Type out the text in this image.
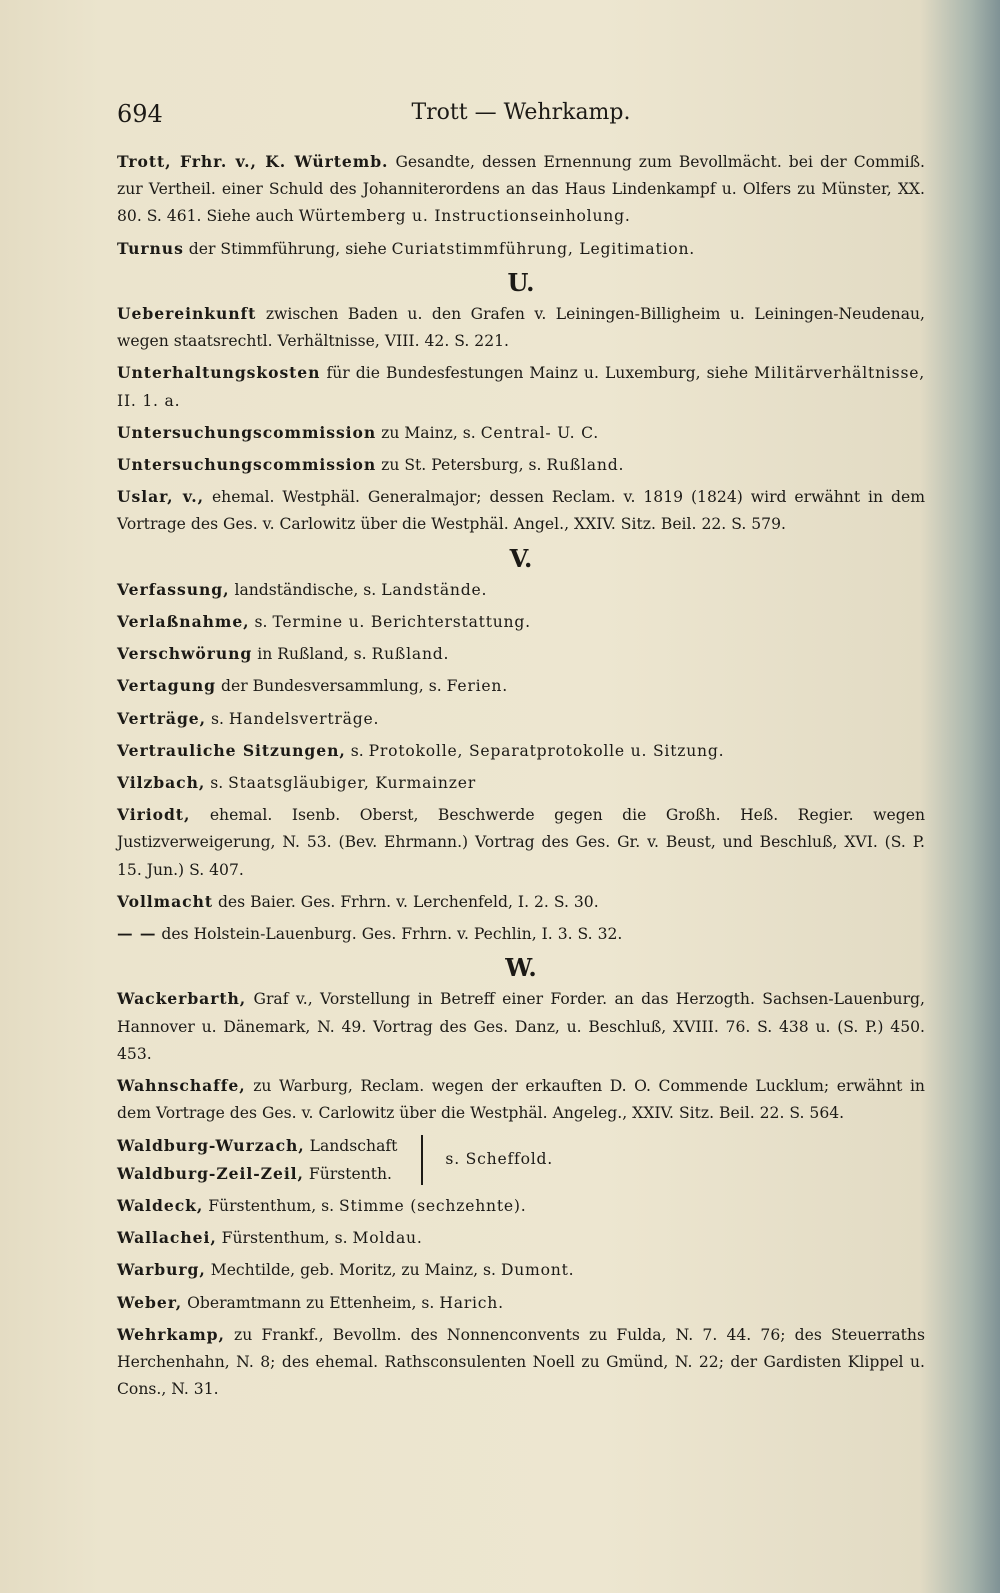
694	Trott — Wehrkamp.

Trott, Frhr. v., K. Würtemb. Gesandte, dessen Ernennung zum Bevollmächt. bei der Commiß. zur Vertheil. einer Schuld des Johanniterordens an das Haus Lindenkampf u. Olfers zu Münster, XX. 80. S. 461. Siehe auch Würtemberg u. Instructionseinholung.

Turnus der Stimmführung, siehe Curiatstimmführung, Legitimation.

U.

Uebereinkunft zwischen Baden u. den Grafen v. Leiningen-Billigheim u. Leiningen-Neudenau, wegen staatsrechtl. Verhältnisse, VIII. 42. S. 221.

Unterhaltungskosten für die Bundesfestungen Mainz u. Luxemburg, siehe Militärverhältnisse, II. 1. a.

Untersuchungscommission zu Mainz, s. Central- U. C.

Untersuchungscommission zu St. Petersburg, s. Rußland.

Uslar, v., ehemal. Westphäl. Generalmajor; dessen Reclam. v. 1819 (1824) wird erwähnt in dem Vortrage des Ges. v. Carlowitz über die Westphäl. Angel., XXIV. Sitz. Beil. 22. S. 579.

V.

Verfassung, landständische, s. Landstände.

Verlaßnahme, s. Termine u. Berichterstattung.

Verschwörung in Rußland, s. Rußland.

Vertagung der Bundesversammlung, s. Ferien.

Verträge, s. Handelsverträge.

Vertrauliche Sitzungen, s. Protokolle, Separatprotokolle u. Sitzung.

Vilzbach, s. Staatsgläubiger, Kurmainzer

Viriodt, ehemal. Isenb. Oberst, Beschwerde gegen die Großh. Heß. Regier. wegen Justizverweigerung, N. 53. (Bev. Ehrmann.) Vortrag des Ges. Gr. v. Beust, und Beschluß, XVI. (S. P. 15. Jun.) S. 407.

Vollmacht des Baier. Ges. Frhrn. v. Lerchenfeld, I. 2. S. 30.

— — des Holstein-Lauenburg. Ges. Frhrn. v. Pechlin, I. 3. S. 32.

W.

Wackerbarth, Graf v., Vorstellung in Betreff einer Forder. an das Herzogth. Sachsen-Lauenburg, Hannover u. Dänemark, N. 49. Vortrag des Ges. Danz, u. Beschluß, XVIII. 76. S. 438 u. (S. P.) 450. 453.

Wahnschaffe, zu Warburg, Reclam. wegen der erkauften D. O. Commende Lucklum; erwähnt in dem Vortrage des Ges. v. Carlowitz über die Westphäl. Angeleg., XXIV. Sitz. Beil. 22. S. 564.

Waldburg-Wurzach, Landschaft
Waldburg-Zeil-Zeil, Fürstenth.
s. Scheffold.

Waldeck, Fürstenthum, s. Stimme (sechzehnte).

Wallachei, Fürstenthum, s. Moldau.

Warburg, Mechtilde, geb. Moritz, zu Mainz, s. Dumont.

Weber, Oberamtmann zu Ettenheim, s. Harich.

Wehrkamp, zu Frankf., Bevollm. des Nonnenconvents zu Fulda, N. 7. 44. 76; des Steuerraths Herchenhahn, N. 8; des ehemal. Rathsconsulenten Noell zu Gmünd, N. 22; der Gardisten Klippel u. Cons., N. 31.
